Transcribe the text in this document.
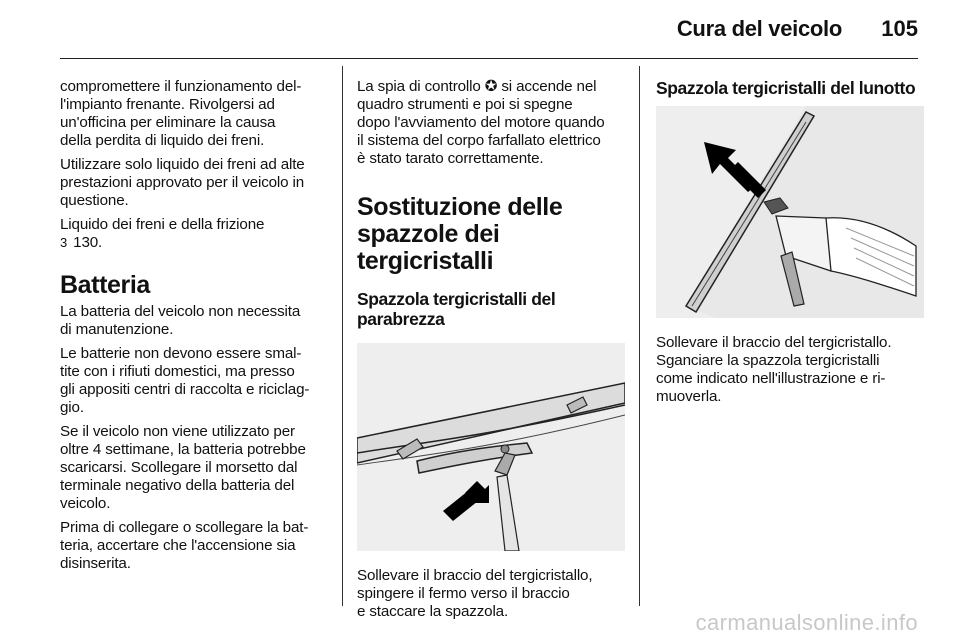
Cura del veicolo 105

compromettere il funzionamento del-
l'impianto frenante. Rivolgersi ad
un'officina per eliminare la causa
della perdita di liquido dei freni.

Utilizzare solo liquido dei freni ad alte
prestazioni approvato per il veicolo in
questione.

Liquido dei freni e della frizione
3 130.

Batteria

La batteria del veicolo non necessita
di manutenzione.

Le batterie non devono essere smal-
tite con i rifiuti domestici, ma presso
gli appositi centri di raccolta e riciclag-
gio.

Se il veicolo non viene utilizzato per
oltre 4 settimane, la batteria potrebbe
scaricarsi. Scollegare il morsetto dal
terminale negativo della batteria del
veicolo.

Prima di collegare o scollegare la bat-
teria, accertare che l'accensione sia
disinserita.

La spia di controllo ✪ si accende nel
quadro strumenti e poi si spegne
dopo l'avviamento del motore quando
il sistema del corpo farfallato elettrico
è stato tarato correttamente.

Sostituzione delle
spazzole dei tergicristalli
Spazzola tergicristalli del
parabrezza

Sollevare il braccio del tergicristallo,
spingere il fermo verso il braccio
e staccare la spazzola.

Spazzola tergicristalli del lunotto

Sollevare il braccio del tergicristallo.
Sganciare la spazzola tergicristalli
come indicato nell'illustrazione e ri-
muoverla.

carmanualsonline.info
